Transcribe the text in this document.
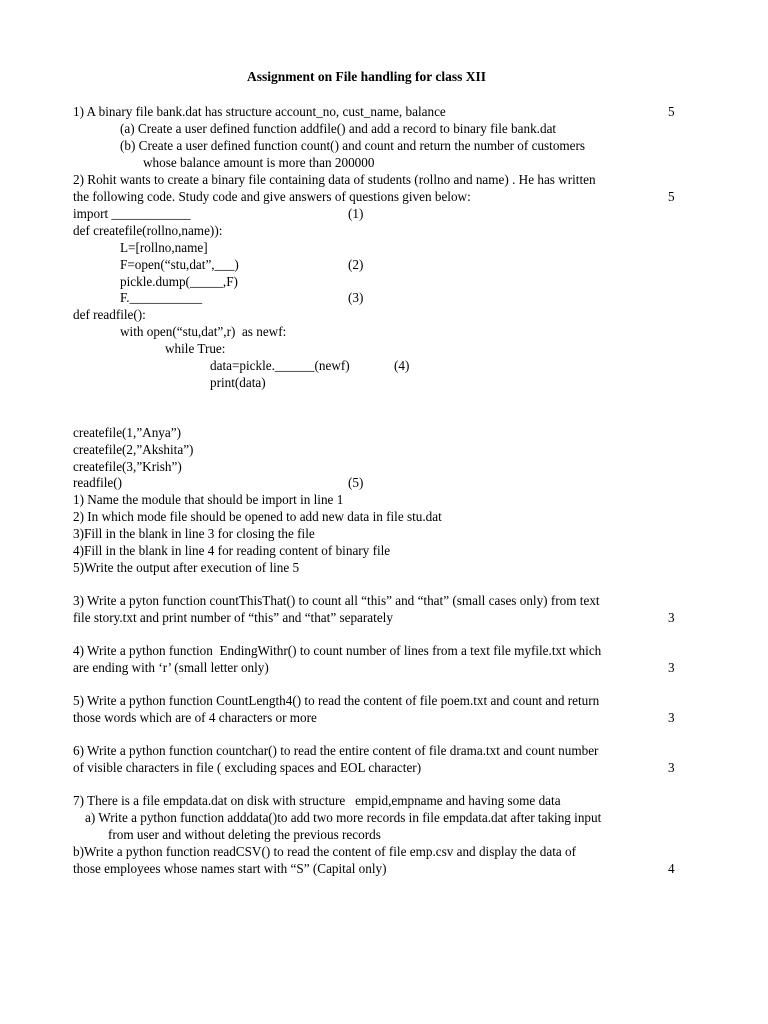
Assignment on File handling for class XII
1) A binary file bank.dat has structure account_no, cust_name, balance	5
(a) Create a user defined function addfile() and add a record to binary file bank.dat
(b) Create a user defined function count() and count and return the number of customers
whose balance amount is more than 200000
2) Rohit wants to create a binary file containing data of students (rollno and name) . He has written
the following code. Study code and give answers of questions given below:	5
import ____________	(1)
def createfile(rollno,name)):
L=[rollno,name]
F=open(“stu,dat”,___)	(2)
pickle.dump(_____,F)
F.___________	(3)
def readfile():
with open(“stu,dat”,r)  as newf:
while True:
data=pickle.______(newf)	(4)
print(data)
createfile(1,”Anya”)
createfile(2,”Akshita”)
createfile(3,”Krish”)
readfile()	(5)
1) Name the module that should be import in line 1
2) In which mode file should be opened to add new data in file stu.dat
3)Fill in the blank in line 3 for closing the file
4)Fill in the blank in line 4 for reading content of binary file
5)Write the output after execution of line 5
3) Write a pyton function countThisThat() to count all “this” and “that” (small cases only) from text
file story.txt and print number of “this” and “that” separately	3
4) Write a python function  EndingWithr() to count number of lines from a text file myfile.txt which
are ending with ‘r’ (small letter only)	3
5) Write a python function CountLength4() to read the content of file poem.txt and count and return
those words which are of 4 characters or more	3
6) Write a python function countchar() to read the entire content of file drama.txt and count number
of visible characters in file ( excluding spaces and EOL character)	3
7) There is a file empdata.dat on disk with structure   empid,empname and having some data
a) Write a python function adddata()to add two more records in file empdata.dat after taking input
from user and without deleting the previous records
b)Write a python function readCSV() to read the content of file emp.csv and display the data of
those employees whose names start with “S” (Capital only)	4
